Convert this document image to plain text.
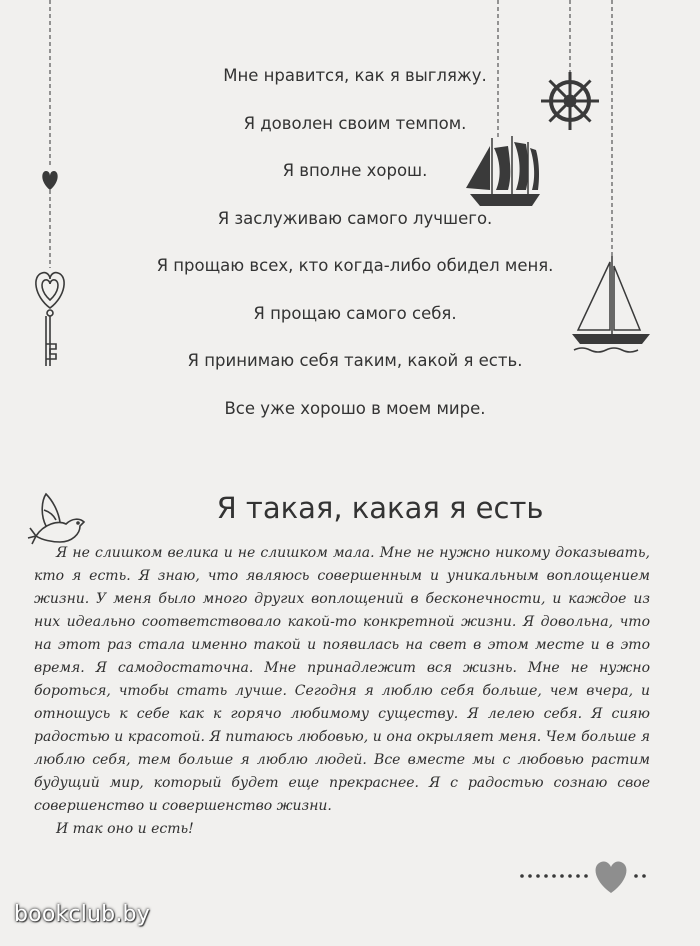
Мне нравится, как я выгляжу.
Я доволен своим темпом.
Я вполне хорош.
Я заслуживаю самого лучшего.
Я прощаю всех, кто когда-либо обидел меня.
Я прощаю самого себя.
Я принимаю себя таким, какой я есть.
Все уже хорошо в моем мире.
Я такая, какая я есть

Я не слишком велика и не слишком мала. Мне не нужно никому доказывать, кто я есть. Я знаю, что являюсь совершенным и уникальным воплощением жизни. У меня было много других воплощений в бесконечности, и каждое из них идеально соответствовало какой-то конкретной жизни. Я довольна, что на этот раз стала именно такой и появилась на свет в этом месте и в это время. Я самодостаточна. Мне принадлежит вся жизнь. Мне не нужно бороться, чтобы стать лучше. Сегодня я люблю себя больше, чем вчера, и отношусь к себе как к горячо любимому существу. Я лелею себя. Я сияю радостью и красотой. Я питаюсь любовью, и она окрыляет меня. Чем больше я люблю себя, тем больше я люблю людей. Все вместе мы с любовью растим будущий мир, который будет еще прекраснее. Я с радостью сознаю свое совершенство и совершенство жизни.

И так оно и есть!

bookclub.by
